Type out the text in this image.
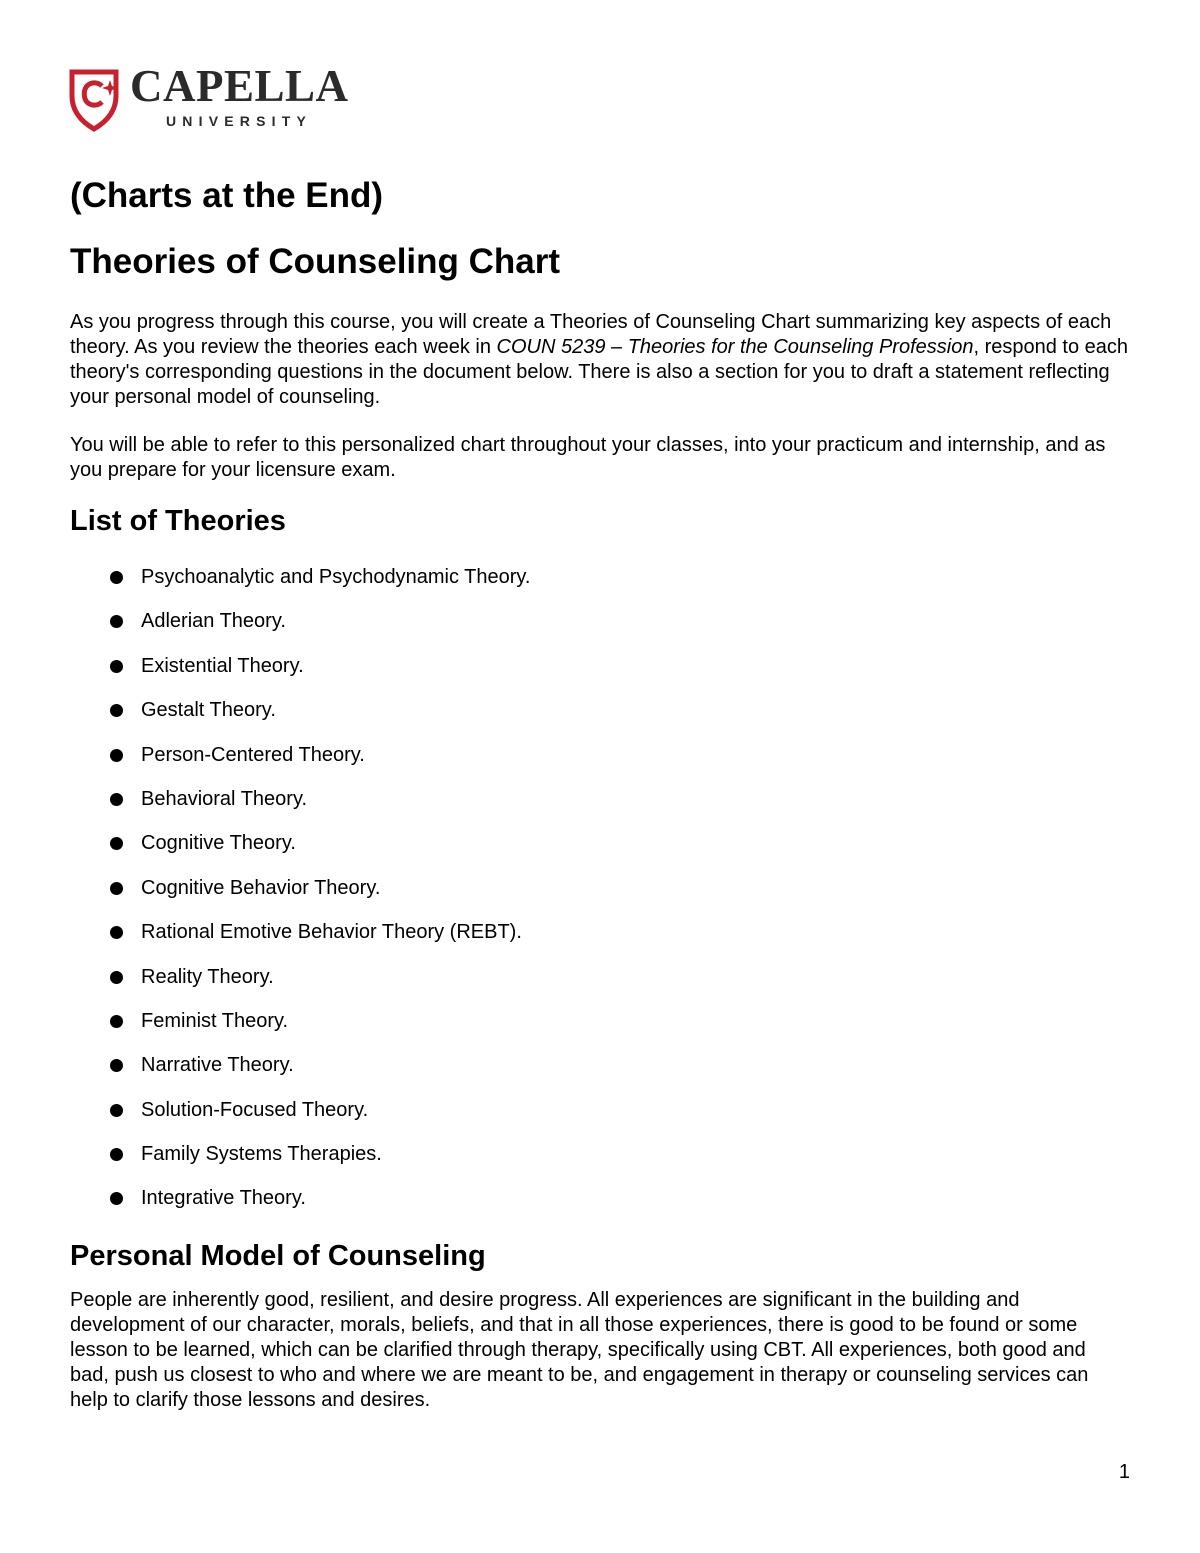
CAPELLA
UNIVERSITY
(Charts at the End)
Theories of Counseling Chart

As you progress through this course, you will create a Theories of Counseling Chart summarizing key aspects of each theory. As you review the theories each week in COUN 5239 – Theories for the Counseling Profession, respond to each theory's corresponding questions in the document below. There is also a section for you to draft a statement reflecting your personal model of counseling.

You will be able to refer to this personalized chart throughout your classes, into your practicum and internship, and as you prepare for your licensure exam.

List of Theories
Psychoanalytic and Psychodynamic Theory.
Adlerian Theory.
Existential Theory.
Gestalt Theory.
Person-Centered Theory.
Behavioral Theory.
Cognitive Theory.
Cognitive Behavior Theory.
Rational Emotive Behavior Theory (REBT).
Reality Theory.
Feminist Theory.
Narrative Theory.
Solution-Focused Theory.
Family Systems Therapies.
Integrative Theory.
Personal Model of Counseling

People are inherently good, resilient, and desire progress. All experiences are significant in the building and development of our character, morals, beliefs, and that in all those experiences, there is good to be found or some lesson to be learned, which can be clarified through therapy, specifically using CBT. All experiences, both good and bad, push us closest to who and where we are meant to be, and engagement in therapy or counseling services can help to clarify those lessons and desires.

1
